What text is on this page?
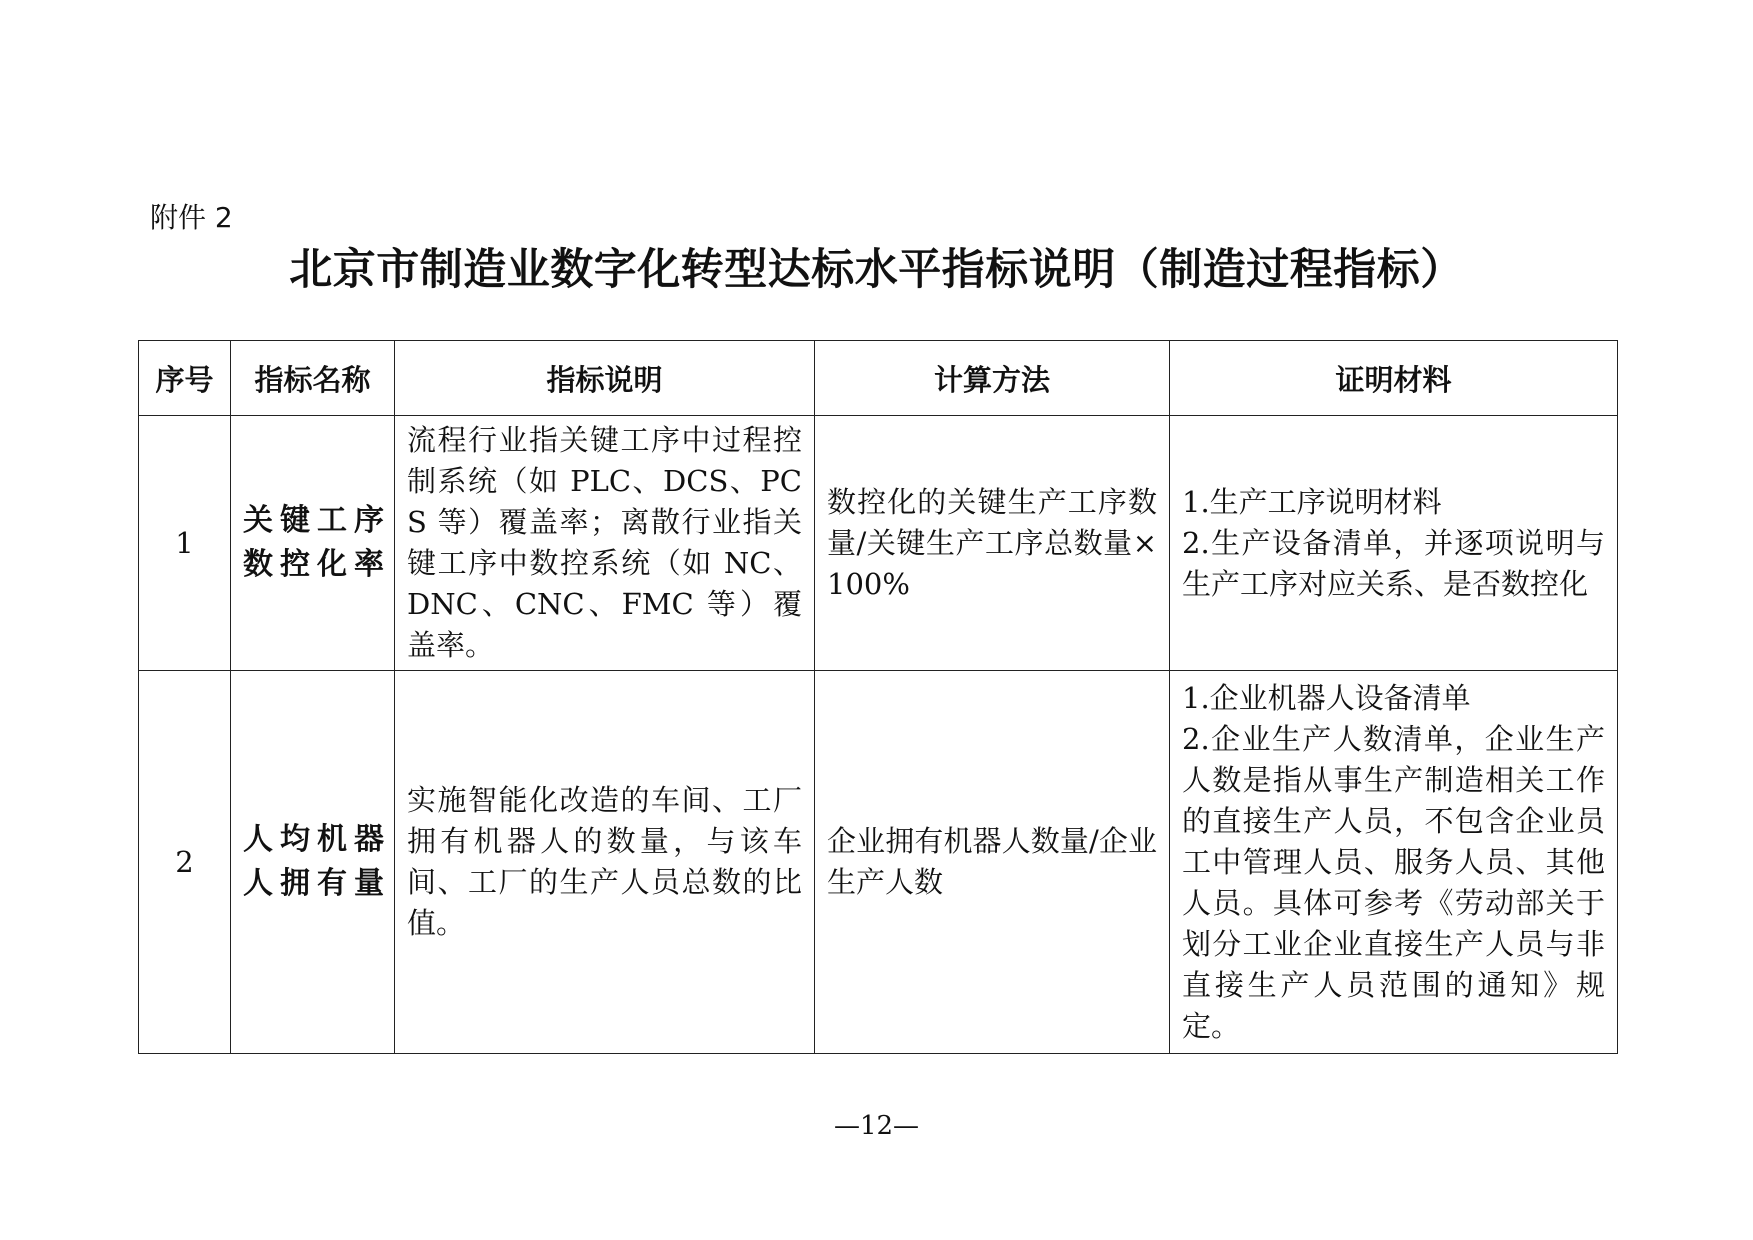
附件 2
北京市制造业数字化转型达标水平指标说明（制造过程指标）
序号	指标名称	指标说明	计算方法	证明材料
1	关键工序数控化率	流程行业指关键工序中过程控制系统（如 PLC、DCS、PCS 等）覆盖率；离散行业指关键工序中数控系统（如 NC、DNC、CNC、FMC 等）覆盖率。	数控化的关键生产工序数量/关键生产工序总数量×100%	1.生产工序说明材料
2.生产设备清单，并逐项说明与生产工序对应关系、是否数控化

2	人均机器人拥有量	实施智能化改造的车间、工厂拥有机器人的数量，与该车间、工厂的生产人员总数的比值。	企业拥有机器人数量/企业生产人数	1.企业机器人设备清单
2.企业生产人数清单，企业生产人数是指从事生产制造相关工作的直接生产人员，不包含企业员工中管理人员、服务人员、其他人员。具体可参考《劳动部关于划分工业企业直接生产人员与非直接生产人员范围的通知》规定。
—12—
